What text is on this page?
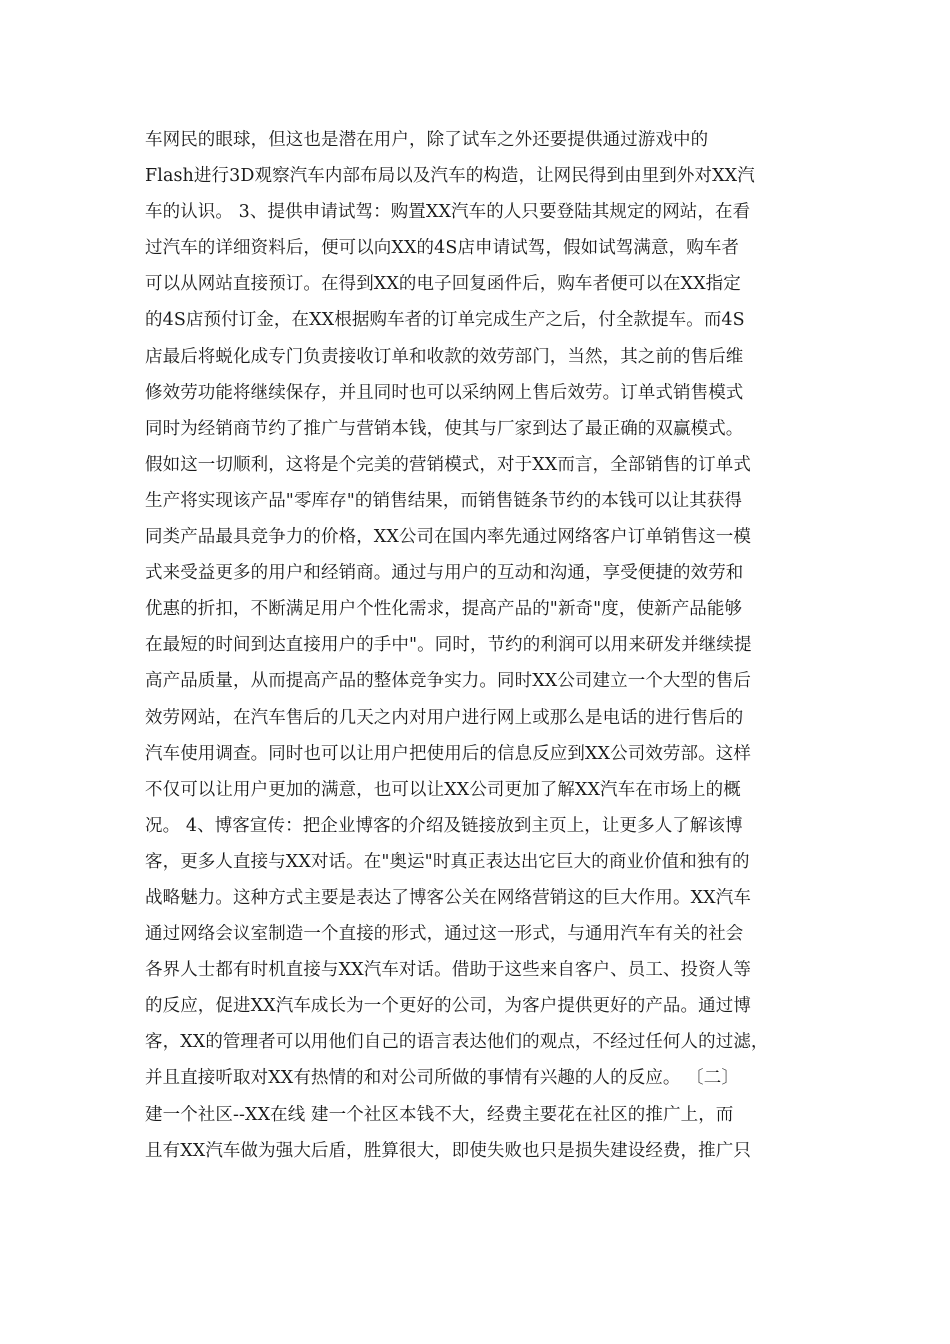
车网民的眼球，但这也是潜在用户，除了试车之外还要提供通过游戏中的
Flash进行3D观察汽车内部布局以及汽车的构造，让网民得到由里到外对XX汽
车的认识。 3、提供申请试驾：购置XX汽车的人只要登陆其规定的网站，在看
过汽车的详细资料后，便可以向XX的4S店申请试驾，假如试驾满意，购车者
可以从网站直接预订。在得到XX的电子回复函件后，购车者便可以在XX指定
的4S店预付订金，在XX根据购车者的订单完成生产之后，付全款提车。而4S
店最后将蜕化成专门负责接收订单和收款的效劳部门，当然，其之前的售后维
修效劳功能将继续保存，并且同时也可以采纳网上售后效劳。订单式销售模式
同时为经销商节约了推广与营销本钱，使其与厂家到达了最正确的双赢模式。
假如这一切顺利，这将是个完美的营销模式，对于XX而言，全部销售的订单式
生产将实现该产品"零库存"的销售结果，而销售链条节约的本钱可以让其获得
同类产品最具竞争力的价格，XX公司在国内率先通过网络客户订单销售这一模
式来受益更多的用户和经销商。通过与用户的互动和沟通，享受便捷的效劳和
优惠的折扣，不断满足用户个性化需求，提高产品的"新奇"度，使新产品能够
在最短的时间到达直接用户的手中"。同时，节约的利润可以用来研发并继续提
高产品质量，从而提高产品的整体竞争实力。同时XX公司建立一个大型的售后
效劳网站，在汽车售后的几天之内对用户进行网上或那么是电话的进行售后的
汽车使用调查。同时也可以让用户把使用后的信息反应到XX公司效劳部。这样
不仅可以让用户更加的满意，也可以让XX公司更加了解XX汽车在市场上的概
况。 4、博客宣传：把企业博客的介绍及链接放到主页上，让更多人了解该博
客，更多人直接与XX对话。在"奥运"时真正表达出它巨大的商业价值和独有的
战略魅力。这种方式主要是表达了博客公关在网络营销这的巨大作用。XX汽车
通过网络会议室制造一个直接的形式，通过这一形式，与通用汽车有关的社会
各界人士都有时机直接与XX汽车对话。借助于这些来自客户、员工、投资人等
的反应，促进XX汽车成长为一个更好的公司，为客户提供更好的产品。通过博
客，XX的管理者可以用他们自己的语言表达他们的观点，不经过任何人的过滤，
并且直接听取对XX有热情的和对公司所做的事情有兴趣的人的反应。 〔二〕
建一个社区--XX在线 建一个社区本钱不大，经费主要花在社区的推广上，而
且有XX汽车做为强大后盾，胜算很大，即使失败也只是损失建设经费，推广只
